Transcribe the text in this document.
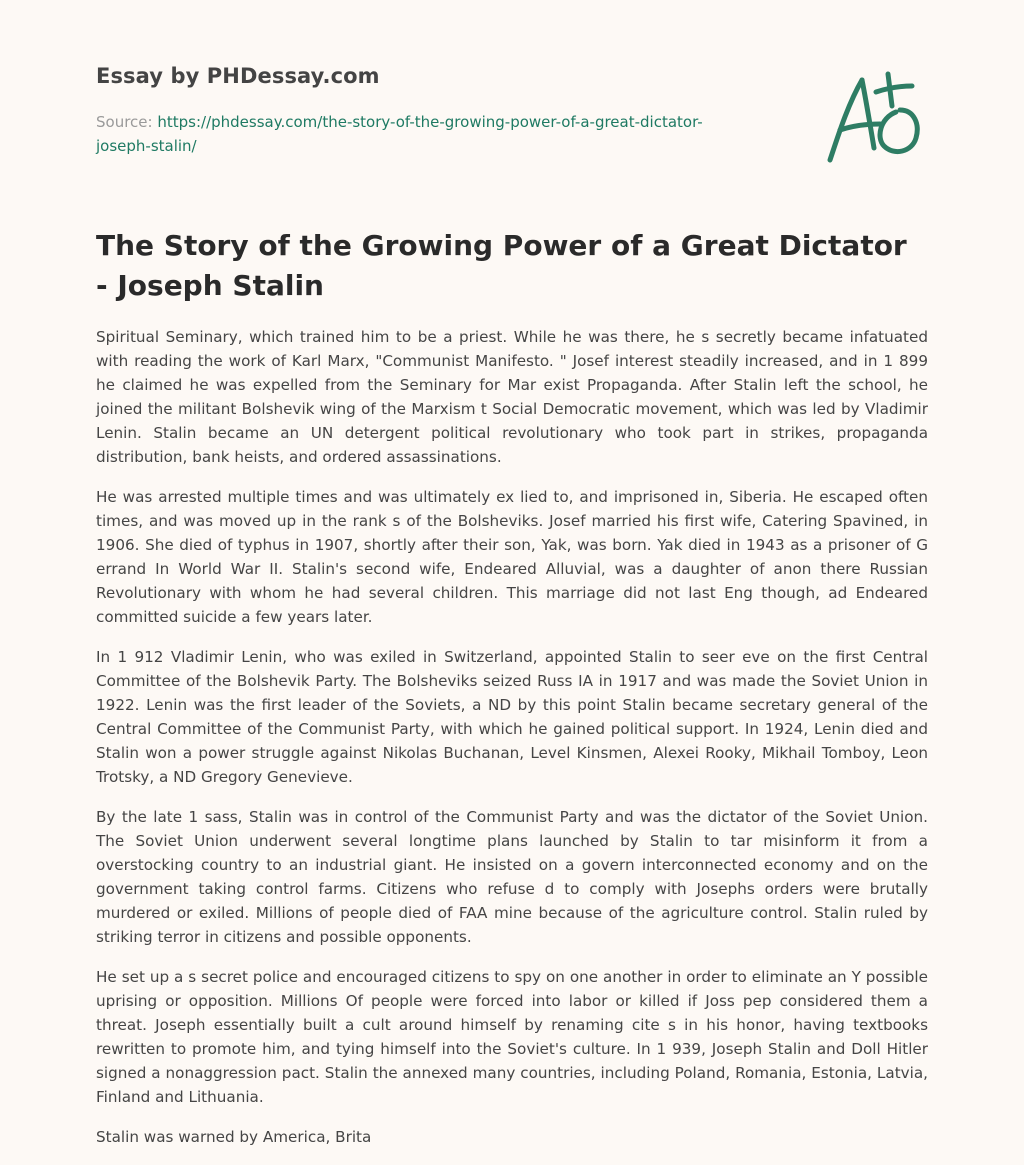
Essay by PHDessay.com
Source: https://phdessay.com/the-story-of-the-growing-power-of-a-great-dictator-joseph-stalin/
The Story of the Growing Power of a Great Dictator - Joseph Stalin

Spiritual Seminary, which trained him to be a priest. While he was there, he s secretly became infatuated with reading the work of Karl Marx, "Communist Manifesto. " Josef interest steadily increased, and in 1 899 he claimed he was expelled from the Seminary for Mar exist Propaganda. After Stalin left the school, he joined the militant Bolshevik wing of the Marxism t Social Democratic movement, which was led by Vladimir Lenin. Stalin became an UN detergent political revolutionary who took part in strikes, propaganda distribution, bank heists, and ordered assassinations.

He was arrested multiple times and was ultimately ex lied to, and imprisoned in, Siberia. He escaped often times, and was moved up in the rank s of the Bolsheviks. Josef married his first wife, Catering Spavined, in 1906. She died of typhus in 1907, shortly after their son, Yak, was born. Yak died in 1943 as a prisoner of G errand In World War II. Stalin's second wife, Endeared Alluvial, was a daughter of anon there Russian Revolutionary with whom he had several children. This marriage did not last Eng though, ad Endeared committed suicide a few years later.

In 1 912 Vladimir Lenin, who was exiled in Switzerland, appointed Stalin to seer eve on the first Central Committee of the Bolshevik Party. The Bolsheviks seized Russ IA in 1917 and was made the Soviet Union in 1922. Lenin was the first leader of the Soviets, a ND by this point Stalin became secretary general of the Central Committee of the Communist Party, with which he gained political support. In 1924, Lenin died and Stalin won a power struggle against Nikolas Buchanan, Level Kinsmen, Alexei Rooky, Mikhail Tomboy, Leon Trotsky, a ND Gregory Genevieve.

By the late 1 sass, Stalin was in control of the Communist Party and was the dictator of the Soviet Union. The Soviet Union underwent several longtime plans launched by Stalin to tar misinform it from a overstocking country to an industrial giant. He insisted on a govern interconnected economy and on the government taking control farms. Citizens who refuse d to comply with Josephs orders were brutally murdered or exiled. Millions of people died of FAA mine because of the agriculture control. Stalin ruled by striking terror in citizens and possible opponents.

He set up a s secret police and encouraged citizens to spy on one another in order to eliminate an Y possible uprising or opposition. Millions Of people were forced into labor or killed if Joss pep considered them a threat. Joseph essentially built a cult around himself by renaming cite s in his honor, having textbooks rewritten to promote him, and tying himself into the Soviet's culture. In 1 939, Joseph Stalin and Doll Hitler signed a nonaggression pact. Stalin the annexed many countries, including Poland, Romania, Estonia, Latvia, Finland and Lithuania.

Stalin was warned by America, Brita
